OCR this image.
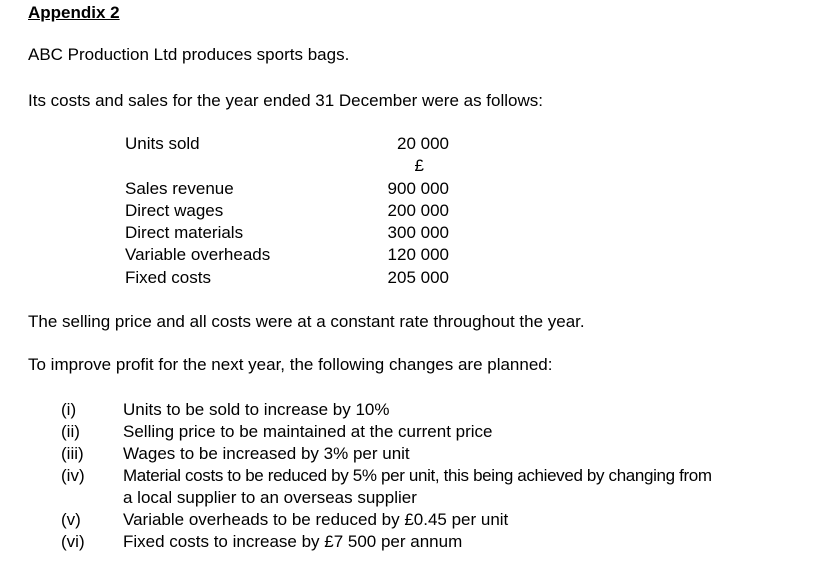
Appendix 2
ABC Production Ltd produces sports bags.
Its costs and sales for the year ended 31 December were as follows:
Units sold	20 000
£
Sales revenue	900 000
Direct wages	200 000
Direct materials	300 000
Variable overheads	120 000
Fixed costs	205 000
The selling price and all costs were at a constant rate throughout the year.
To improve profit for the next year, the following changes are planned:
(i)	Units to be sold to increase by 10%
(ii)	Selling price to be maintained at the current price
(iii) Wages to be increased by 3% per unit
(iv) Material costs to be reduced by 5% per unit, this being achieved by changing from
a local supplier to an overseas supplier
(v) Variable overheads to be reduced by £0.45 per unit
(vi) Fixed costs to increase by £7 500 per annum
